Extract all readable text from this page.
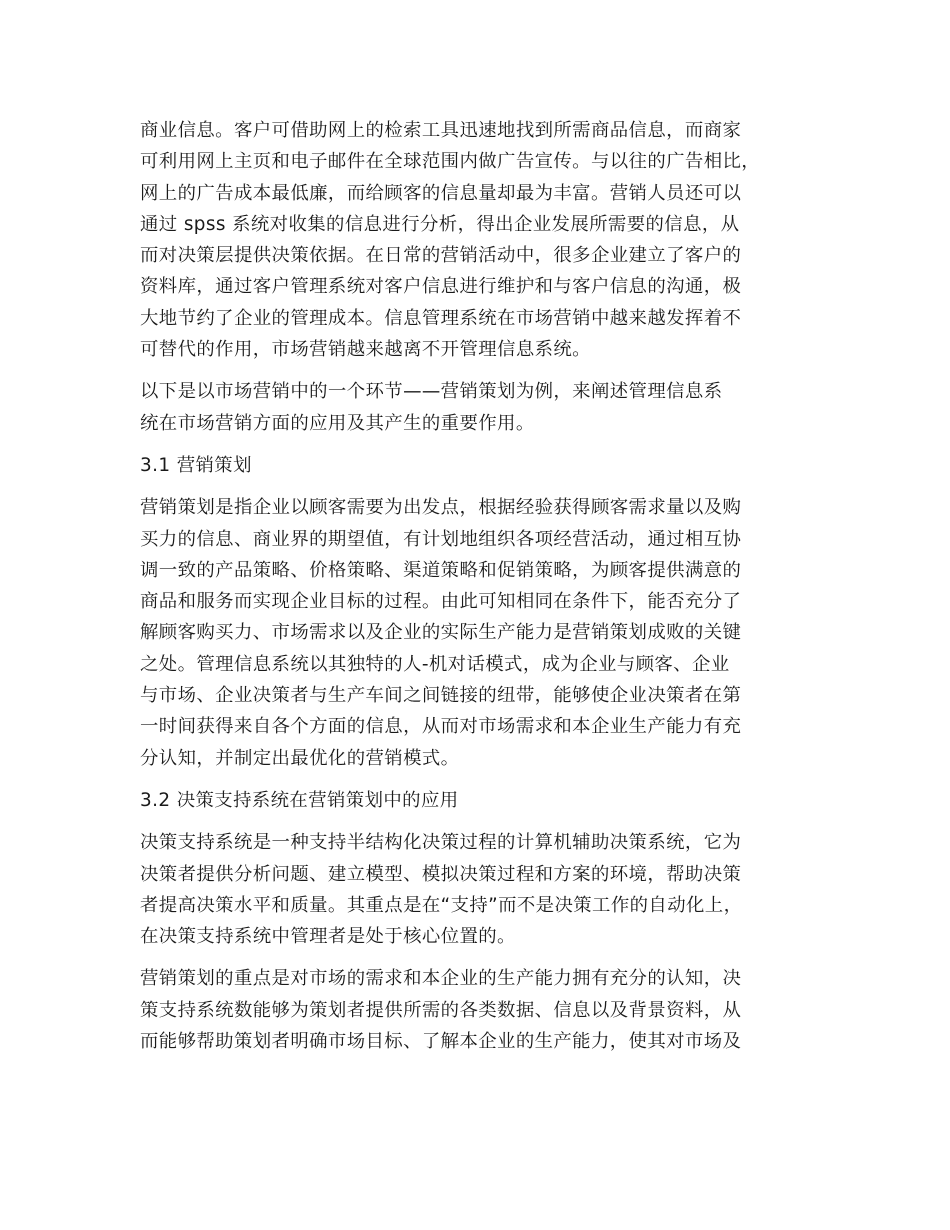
商业信息。客户可借助网上的检索工具迅速地找到所需商品信息，而商家
可利用网上主页和电子邮件在全球范围内做广告宣传。与以往的广告相比，
网上的广告成本最低廉，而给顾客的信息量却最为丰富。营销人员还可以
通过 spss 系统对收集的信息进行分析，得出企业发展所需要的信息，从
而对决策层提供决策依据。在日常的营销活动中，很多企业建立了客户的
资料库，通过客户管理系统对客户信息进行维护和与客户信息的沟通，极
大地节约了企业的管理成本。信息管理系统在市场营销中越来越发挥着不
可替代的作用，市场营销越来越离不开管理信息系统。
以下是以市场营销中的一个环节——营销策划为例，来阐述管理信息系
统在市场营销方面的应用及其产生的重要作用。
3.1 营销策划
营销策划是指企业以顾客需要为出发点，根据经验获得顾客需求量以及购
买力的信息、商业界的期望值，有计划地组织各项经营活动，通过相互协
调一致的产品策略、价格策略、渠道策略和促销策略，为顾客提供满意的
商品和服务而实现企业目标的过程。由此可知相同在条件下，能否充分了
解顾客购买力、市场需求以及企业的实际生产能力是营销策划成败的关键
之处。管理信息系统以其独特的人-机对话模式，成为企业与顾客、企业
与市场、企业决策者与生产车间之间链接的纽带，能够使企业决策者在第
一时间获得来自各个方面的信息，从而对市场需求和本企业生产能力有充
分认知，并制定出最优化的营销模式。
3.2 决策支持系统在营销策划中的应用
决策支持系统是一种支持半结构化决策过程的计算机辅助决策系统，它为
决策者提供分析问题、建立模型、模拟决策过程和方案的环境，帮助决策
者提高决策水平和质量。其重点是在“支持”而不是决策工作的自动化上，
在决策支持系统中管理者是处于核心位置的。
营销策划的重点是对市场的需求和本企业的生产能力拥有充分的认知，决
策支持系统数能够为策划者提供所需的各类数据、信息以及背景资料，从
而能够帮助策划者明确市场目标、了解本企业的生产能力，使其对市场及
